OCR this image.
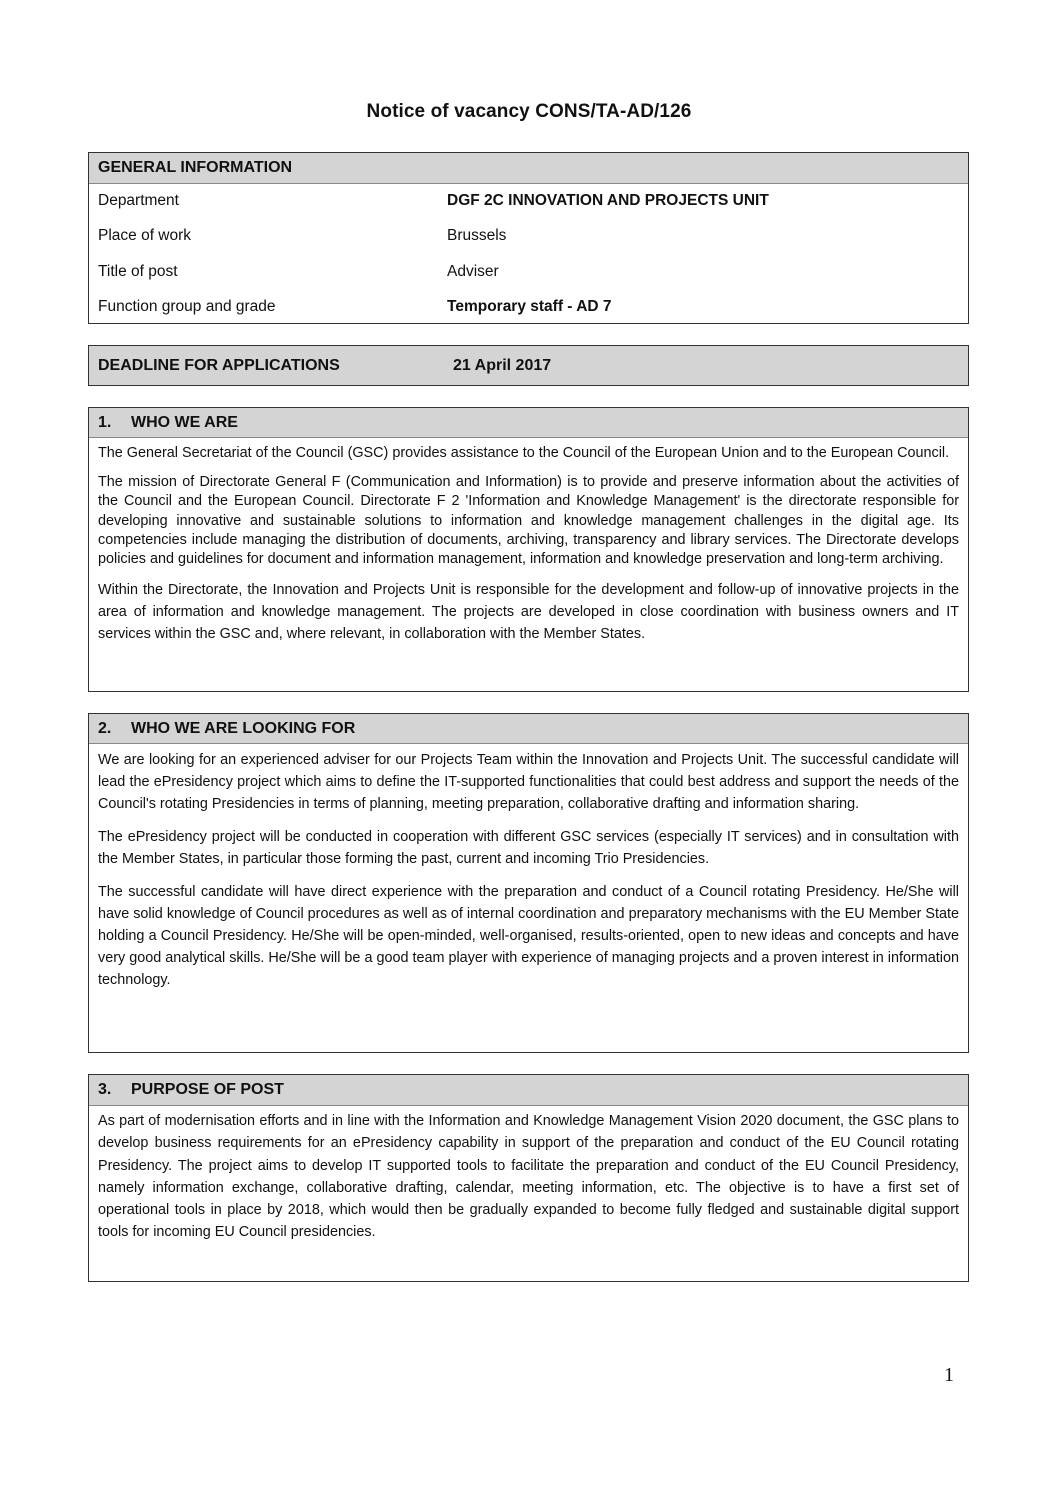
Notice of vacancy CONS/TA-AD/126
GENERAL INFORMATION
Department	DGF 2C INNOVATION AND PROJECTS UNIT
Place of work	Brussels
Title of post	Adviser
Function group and grade	Temporary staff - AD 7
DEADLINE FOR APPLICATIONS	21 April 2017
1.	WHO WE ARE

The General Secretariat of the Council (GSC) provides assistance to the Council of the European Union and to the European Council.

The mission of Directorate General F (Communication and Information) is to provide and preserve information about the activities of the Council and the European Council. Directorate F 2 'Information and Knowledge Management' is the directorate responsible for developing innovative and sustainable solutions to information and knowledge management challenges in the digital age. Its competencies include managing the distribution of documents, archiving, transparency and library services. The Directorate develops policies and guidelines for document and information management, information and knowledge preservation and long-term archiving.

Within the Directorate, the Innovation and Projects Unit is responsible for the development and follow-up of innovative projects in the area of information and knowledge management. The projects are developed in close coordination with business owners and IT services within the GSC and, where relevant, in collaboration with the Member States.

2.	WHO WE ARE LOOKING FOR

We are looking for an experienced adviser for our Projects Team within the Innovation and Projects Unit. The successful candidate will lead the ePresidency project which aims to define the IT-supported functionalities that could best address and support the needs of the Council's rotating Presidencies in terms of planning, meeting preparation, collaborative drafting and information sharing.

The ePresidency project will be conducted in cooperation with different GSC services (especially IT services) and in consultation with the Member States, in particular those forming the past, current and incoming Trio Presidencies.

The successful candidate will have direct experience with the preparation and conduct of a Council rotating Presidency. He/She will have solid knowledge of Council procedures as well as of internal coordination and preparatory mechanisms with the EU Member State holding a Council Presidency. He/She will be open-minded, well-organised, results-oriented, open to new ideas and concepts and have very good analytical skills. He/She will be a good team player with experience of managing projects and a proven interest in information technology.

3.	PURPOSE OF POST

As part of modernisation efforts and in line with the Information and Knowledge Management Vision 2020 document, the GSC plans to develop business requirements for an ePresidency capability in support of the preparation and conduct of the EU Council rotating Presidency. The project aims to develop IT supported tools to facilitate the preparation and conduct of the EU Council Presidency, namely information exchange, collaborative drafting, calendar, meeting information, etc. The objective is to have a first set of operational tools in place by 2018, which would then be gradually expanded to become fully fledged and sustainable digital support tools for incoming EU Council presidencies.

1
